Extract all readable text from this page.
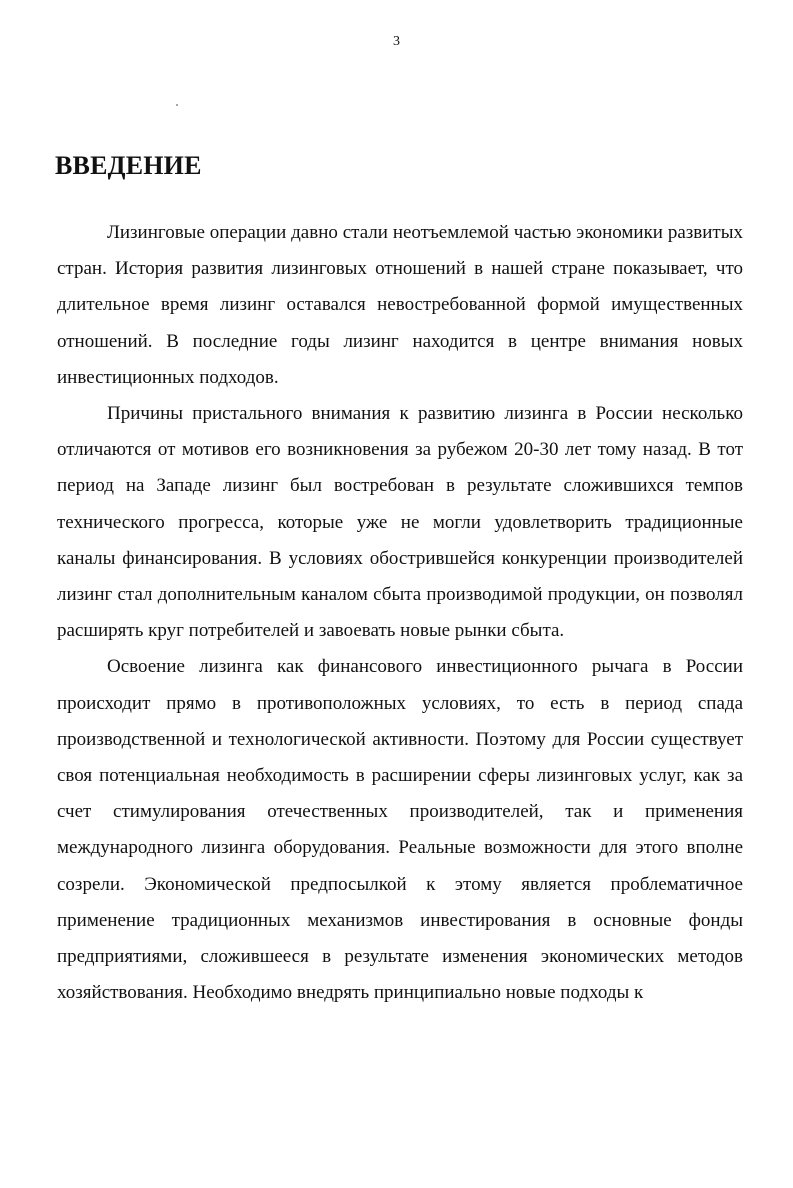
3
ВВЕДЕНИЕ

Лизинговые операции давно стали неотъемлемой частью экономики развитых стран. История развития лизинговых отношений в нашей стране показывает, что длительное время лизинг оставался невостребованной формой имущественных отношений. В последние годы лизинг находится в центре внимания новых инвестиционных подходов.

Причины пристального внимания к развитию лизинга в России несколько отличаются от мотивов его возникновения за рубежом 20-30 лет тому назад. В тот период на Западе лизинг был востребован в результате сложившихся темпов технического прогресса, которые уже не могли удовлетворить традиционные каналы финансирования. В условиях обострившейся конкуренции производителей лизинг стал дополнительным каналом сбыта производимой продукции, он позволял расширять круг потребителей и завоевать новые рынки сбыта.

Освоение лизинга как финансового инвестиционного рычага в России происходит прямо в противоположных условиях, то есть в период спада производственной и технологической активности. Поэтому для России существует своя потенциальная необходимость в расширении сферы лизинговых услуг, как за счет стимулирования отечественных производителей, так и применения международного лизинга оборудования. Реальные возможности для этого вполне созрели. Экономической предпосылкой к этому является проблематичное применение традиционных механизмов инвестирования в основные фонды предприятиями, сложившееся в результате изменения экономических методов хозяйствования. Необходимо внедрять принципиально новые подходы к
